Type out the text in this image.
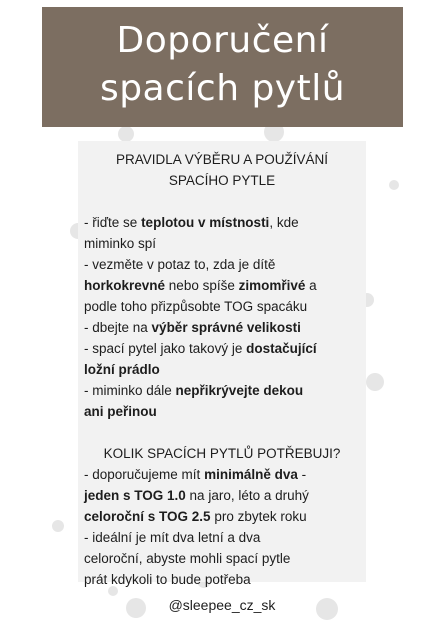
Doporučení
spacích pytlů
PRAVIDLA VÝBĚRU A POUŽÍVÁNÍ
SPACÍHO PYTLE
- řiďte se teplotou v místnosti, kde
miminko spí
- vezměte v potaz to, zda je dítě
horkokrevné nebo spíše zimomřivé a
podle toho přizpůsobte TOG spacáku
- dbejte na výběr správné velikosti
- spací pytel jako takový je dostačující
ložní prádlo
- miminko dále nepřikrývejte dekou
ani peřinou
KOLIK SPACÍCH PYTLŮ POTŘEBUJI?
- doporučujeme mít minimálně dva -
jeden s TOG 1.0 na jaro, léto a druhý
celoroční s TOG 2.5 pro zbytek roku
- ideální je mít dva letní a dva
celoroční, abyste mohli spací pytle
prát kdykoli to bude potřeba
@sleepee_cz_sk
